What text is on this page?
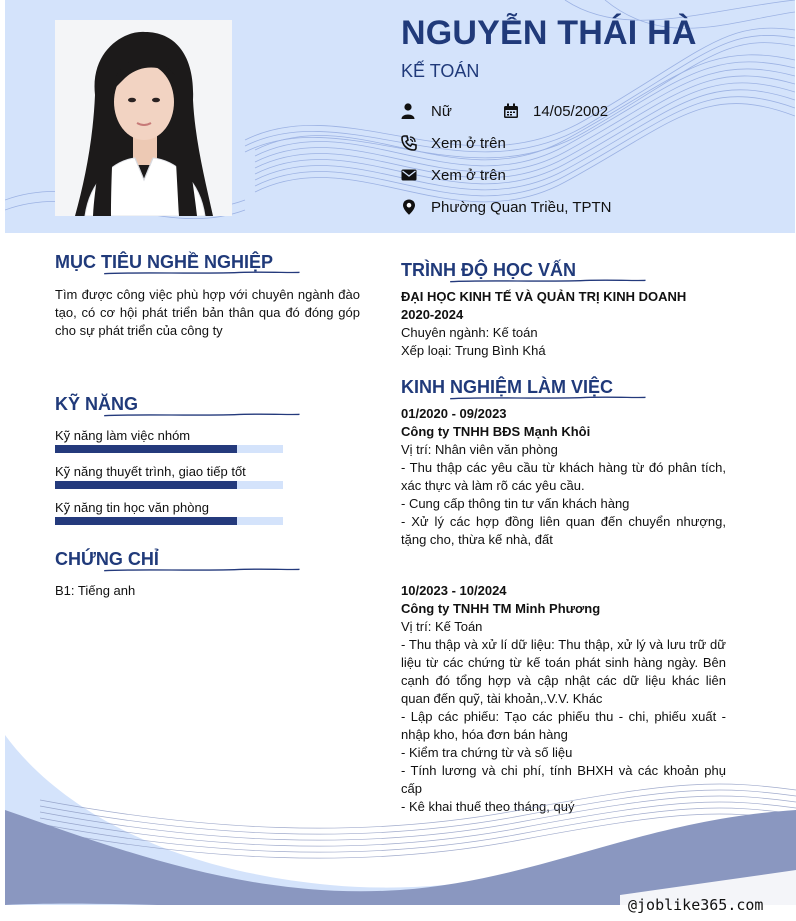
NGUYỄN THÁI HÀ
KẾ TOÁN
Nữ	14/05/2002
Xem ở trên
Xem ở trên
Phường Quan Triều, TPTN
MỤC TIÊU NGHỀ NGHIỆP
Tìm được công việc phù hợp với chuyên ngành đào tạo, có cơ hội phát triển bản thân qua đó đóng góp cho sự phát triển của công ty
KỸ NĂNG
Kỹ năng làm việc nhóm
Kỹ năng thuyết trình, giao tiếp tốt
Kỹ năng tin học văn phòng
CHỨNG CHỈ
B1: Tiếng anh
TRÌNH ĐỘ HỌC VẤN
ĐẠI HỌC KINH TẾ VÀ QUẢN TRỊ KINH DOANH
2020-2024
Chuyên ngành: Kế toán
Xếp loại: Trung Bình Khá
KINH NGHIỆM LÀM VIỆC
01/2020 - 09/2023
Công ty TNHH BĐS Mạnh Khôi
Vị trí: Nhân viên văn phòng
- Thu thập các yêu cầu từ khách hàng từ đó phân tích, xác thực và làm rõ các yêu cầu.
- Cung cấp thông tin tư vấn khách hàng
- Xử lý các hợp đồng liên quan đến chuyển nhượng, tặng cho, thừa kế nhà, đất
10/2023 - 10/2024
Công ty TNHH TM Minh Phương
Vị trí: Kế Toán
- Thu thập và xử lí dữ liệu: Thu thập, xử lý và lưu trữ dữ liệu từ các chứng từ kế toán phát sinh hàng ngày. Bên cạnh đó tổng hợp và cập nhật các dữ liệu khác liên quan đến quỹ, tài khoản,.V.V. Khác
- Lập các phiếu: Tạo các phiếu thu - chi, phiếu xuất - nhập kho, hóa đơn bán hàng
- Kiểm tra chứng từ và số liệu
- Tính lương và chi phí, tính BHXH và các khoản phụ cấp
- Kê khai thuế theo tháng, quý
@joblike365.com
